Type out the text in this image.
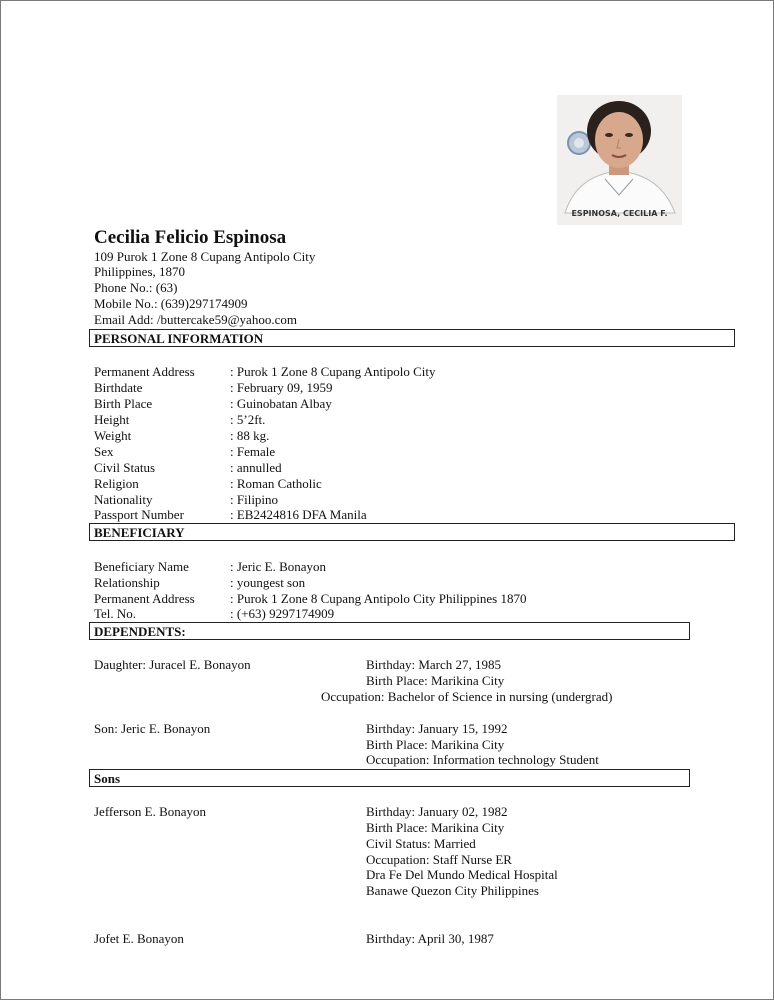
ESPINOSA, CECILIA F.
Cecilia Felicio Espinosa
109 Purok 1 Zone 8 Cupang Antipolo City
Philippines, 1870
Phone No.: (63)
Mobile No.: (639)297174909
Email Add: /buttercake59@yahoo.com
PERSONAL INFORMATION
Permanent Address	: Purok 1 Zone 8 Cupang Antipolo City
Birthdate	: February 09, 1959
Birth Place	: Guinobatan Albay
Height	: 5’2ft.
Weight	: 88 kg.
Sex	: Female
Civil Status	: annulled
Religion	: Roman Catholic
Nationality	: Filipino
Passport Number	: EB2424816 DFA Manila
BENEFICIARY
Beneficiary Name	: Jeric E. Bonayon
Relationship	: youngest son
Permanent Address	: Purok 1 Zone 8 Cupang Antipolo City Philippines 1870
Tel. No.	: (+63) 9297174909
DEPENDENTS:
Daughter: Juracel E. Bonayon	Birthday: March 27, 1985
Birth Place: Marikina City
Occupation: Bachelor of Science in nursing (undergrad)
Son: Jeric E. Bonayon	Birthday: January 15, 1992
Birth Place: Marikina City
Occupation: Information technology Student
Sons
Jefferson E. Bonayon	Birthday: January 02, 1982
Birth Place: Marikina City
Civil Status: Married
Occupation: Staff Nurse ER
Dra Fe Del Mundo Medical Hospital
Banawe Quezon City Philippines
Jofet E. Bonayon	Birthday: April 30, 1987
